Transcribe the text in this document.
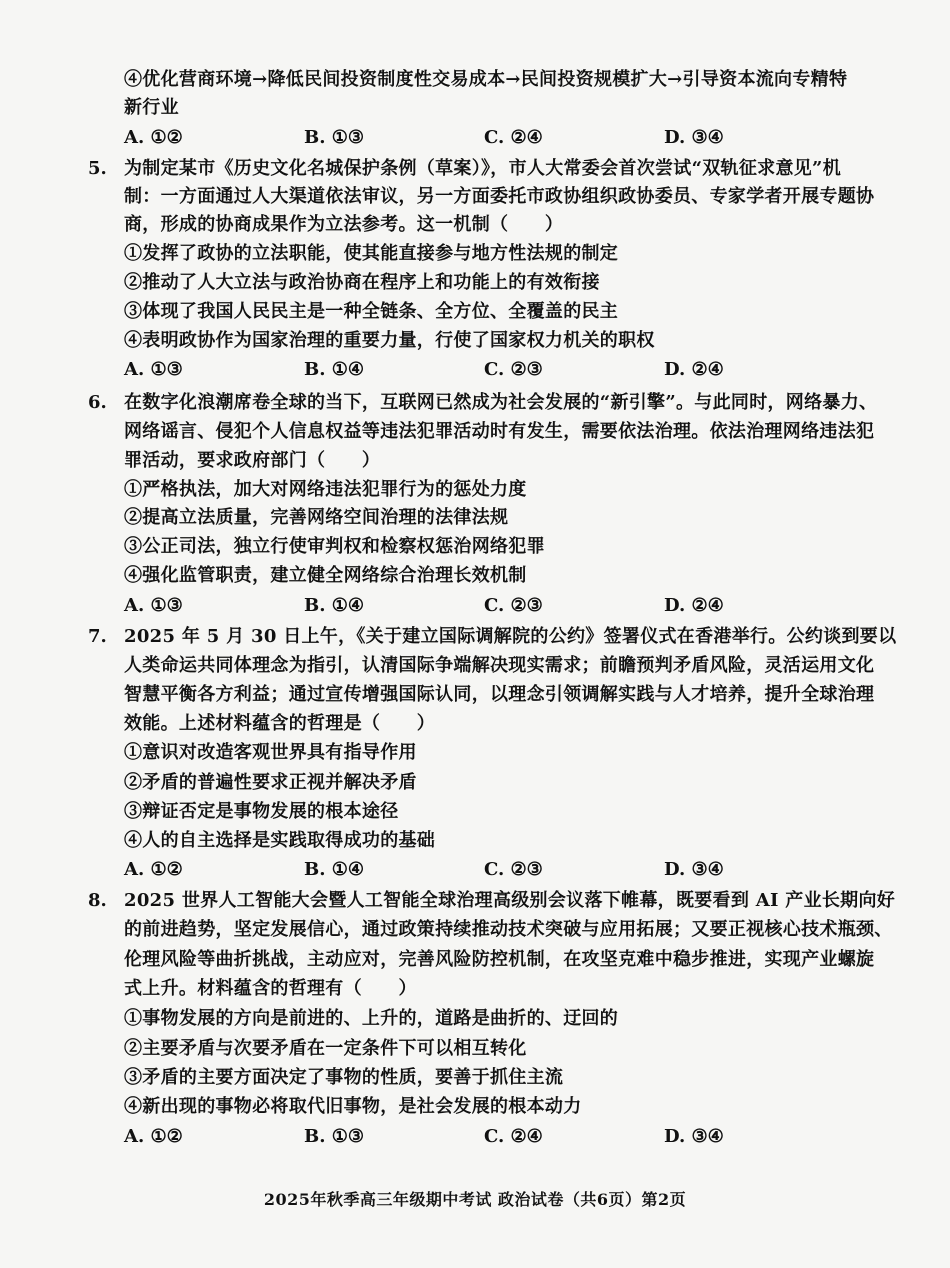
④优化营商环境→降低民间投资制度性交易成本→民间投资规模扩大→引导资本流向专精特
新行业
A. ①②	B. ①③	C. ②④	D. ③④
5. 为制定某市《历史文化名城保护条例（草案）》，市人大常委会首次尝试“双轨征求意见”机
制：一方面通过人大渠道依法审议，另一方面委托市政协组织政协委员、专家学者开展专题协
商，形成的协商成果作为立法参考。这一机制（　　）
①发挥了政协的立法职能，使其能直接参与地方性法规的制定
②推动了人大立法与政治协商在程序上和功能上的有效衔接
③体现了我国人民民主是一种全链条、全方位、全覆盖的民主
④表明政协作为国家治理的重要力量，行使了国家权力机关的职权
A. ①③	B. ①④	C. ②③	D. ②④
6. 在数字化浪潮席卷全球的当下，互联网已然成为社会发展的“新引擎”。与此同时，网络暴力、
网络谣言、侵犯个人信息权益等违法犯罪活动时有发生，需要依法治理。依法治理网络违法犯
罪活动，要求政府部门（　　）
①严格执法，加大对网络违法犯罪行为的惩处力度
②提高立法质量，完善网络空间治理的法律法规
③公正司法，独立行使审判权和检察权惩治网络犯罪
④强化监管职责，建立健全网络综合治理长效机制
A. ①③	B. ①④	C. ②③	D. ②④
7. 2025 年 5 月 30 日上午，《关于建立国际调解院的公约》签署仪式在香港举行。公约谈到要以
人类命运共同体理念为指引，认清国际争端解决现实需求；前瞻预判矛盾风险，灵活运用文化
智慧平衡各方利益；通过宣传增强国际认同，以理念引领调解实践与人才培养，提升全球治理
效能。上述材料蕴含的哲理是（　　）
①意识对改造客观世界具有指导作用
②矛盾的普遍性要求正视并解决矛盾
③辩证否定是事物发展的根本途径
④人的自主选择是实践取得成功的基础
A. ①②	B. ①④	C. ②③	D. ③④
8. 2025 世界人工智能大会暨人工智能全球治理高级别会议落下帷幕，既要看到 AI 产业长期向好
的前进趋势，坚定发展信心，通过政策持续推动技术突破与应用拓展；又要正视核心技术瓶颈、
伦理风险等曲折挑战，主动应对，完善风险防控机制，在攻坚克难中稳步推进，实现产业螺旋
式上升。材料蕴含的哲理有（　　）
①事物发展的方向是前进的、上升的，道路是曲折的、迂回的
②主要矛盾与次要矛盾在一定条件下可以相互转化
③矛盾的主要方面决定了事物的性质，要善于抓住主流
④新出现的事物必将取代旧事物，是社会发展的根本动力
A. ①②	B. ①③	C. ②④	D. ③④
2025年秋季高三年级期中考试 政治试卷（共6页）第2页
